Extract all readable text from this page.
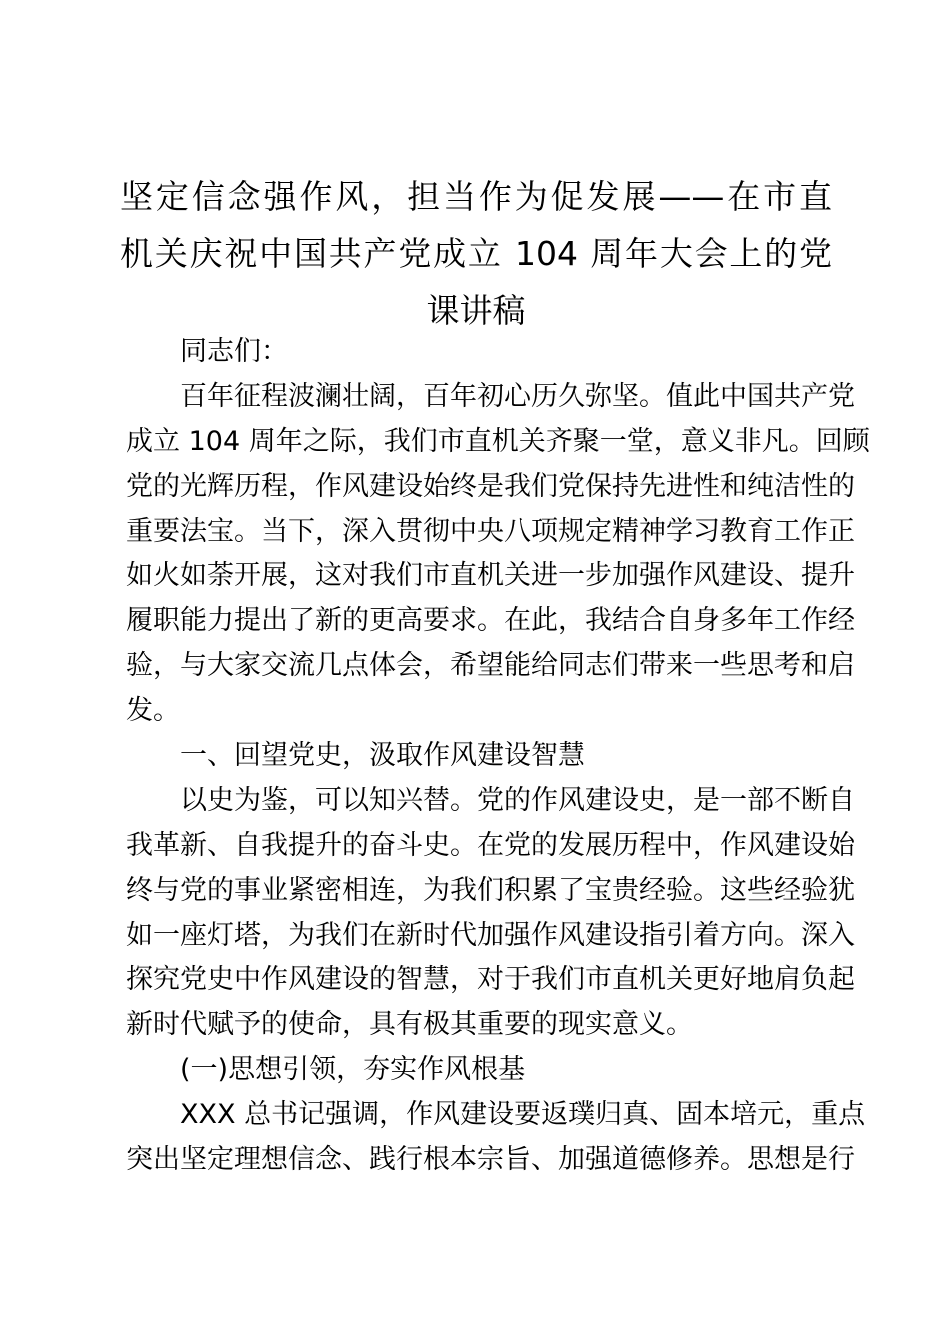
坚定信念强作风，担当作为促发展——在市直
机关庆祝中国共产党成立 104 周年大会上的党
课讲稿
同志们：
百年征程波澜壮阔，百年初心历久弥坚。值此中国共产党
成立 104 周年之际，我们市直机关齐聚一堂，意义非凡。回顾
党的光辉历程，作风建设始终是我们党保持先进性和纯洁性的
重要法宝。当下，深入贯彻中央八项规定精神学习教育工作正
如火如荼开展，这对我们市直机关进一步加强作风建设、提升
履职能力提出了新的更高要求。在此，我结合自身多年工作经
验，与大家交流几点体会，希望能给同志们带来一些思考和启
发。
一、回望党史，汲取作风建设智慧
以史为鉴，可以知兴替。党的作风建设史，是一部不断自
我革新、自我提升的奋斗史。在党的发展历程中，作风建设始
终与党的事业紧密相连，为我们积累了宝贵经验。这些经验犹
如一座灯塔，为我们在新时代加强作风建设指引着方向。深入
探究党史中作风建设的智慧，对于我们市直机关更好地肩负起
新时代赋予的使命，具有极其重要的现实意义。
(一)思想引领，夯实作风根基
XXX 总书记强调，作风建设要返璞归真、固本培元，重点
突出坚定理想信念、践行根本宗旨、加强道德修养。思想是行
